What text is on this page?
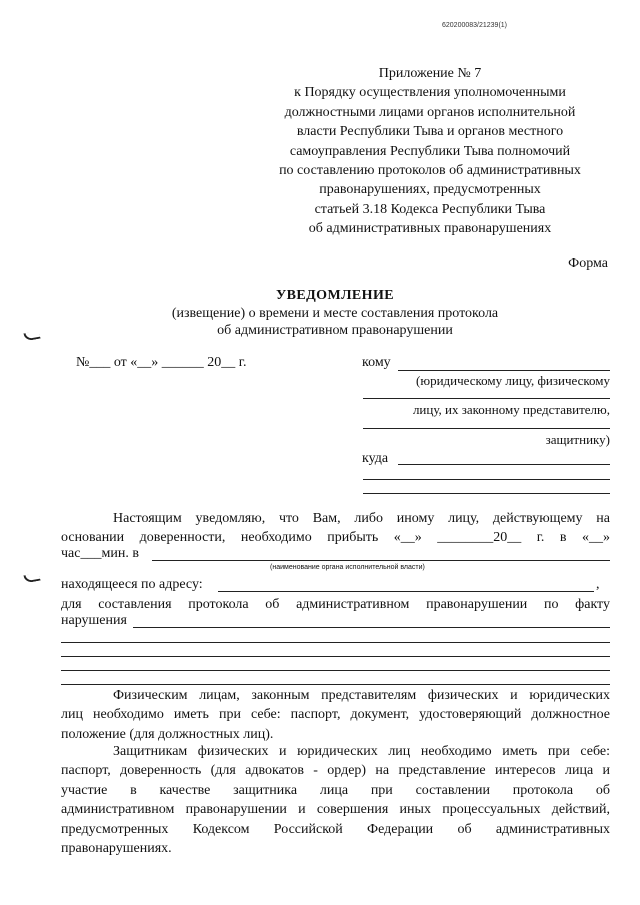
620200083/21239(1)
Приложение № 7
к Порядку осуществления уполномоченными
должностными лицами органов исполнительной
власти Республики Тыва и органов местного
самоуправления Республики Тыва полномочий
по составлению протоколов об административных
правонарушениях, предусмотренных
статьей 3.18 Кодекса Республики Тыва
об административных правонарушениях
Форма
УВЕДОМЛЕНИЕ
(извещение) о времени и месте составления протокола
об административном правонарушении
№___ от «__» ______ 20__ г.	кому
(юридическому лицу, физическому
лицу, их законному представителю,
защитнику)
куда
Настоящим уведомляю, что Вам, либо иному лицу, действующему на
основании доверенности, необходимо прибыть «__» ________20__ г. в «__»
час___мин. в
(наименование органа исполнительной власти)
находящееся по адресу:	,
для составления протокола об административном правонарушении по факту
нарушения
Физическим лицам, законным представителям физических и юридических
лиц необходимо иметь при себе: паспорт, документ, удостоверяющий должностное
положение (для должностных лиц).
Защитникам физических и юридических лиц необходимо иметь при себе:
паспорт, доверенность (для адвокатов - ордер) на представление интересов лица и
участие в качестве защитника лица при составлении протокола об
административном правонарушении и совершения иных процессуальных действий,
предусмотренных Кодексом Российской Федерации об административных
правонарушениях.
